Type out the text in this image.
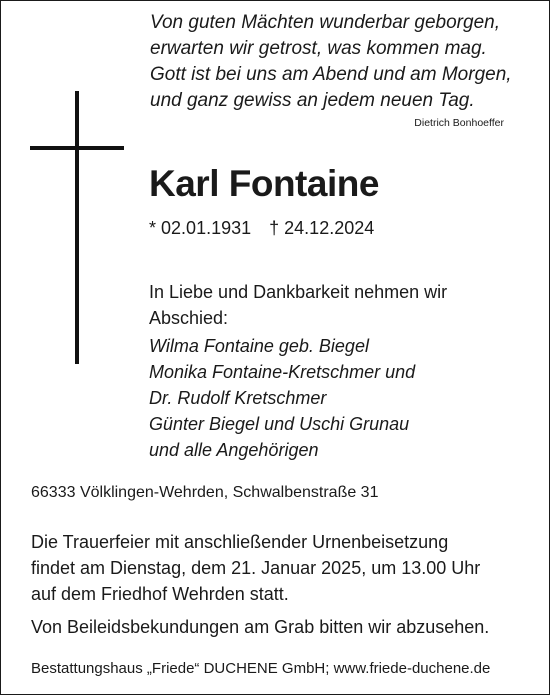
Von guten Mächten wunderbar geborgen,
erwarten wir getrost, was kommen mag.
Gott ist bei uns am Abend und am Morgen,
und ganz gewiss an jedem neuen Tag.
Dietrich Bonhoeffer
Karl Fontaine
* 02.01.1931 † 24.12.2024
In Liebe und Dankbarkeit nehmen wir
Abschied:
Wilma Fontaine geb. Biegel
Monika Fontaine-Kretschmer und
Dr. Rudolf Kretschmer
Günter Biegel und Uschi Grunau
und alle Angehörigen
66333 Völklingen-Wehrden, Schwalbenstraße 31
Die Trauerfeier mit anschließender Urnenbeisetzung
findet am Dienstag, dem 21. Januar 2025, um 13.00 Uhr
auf dem Friedhof Wehrden statt.
Von Beileidsbekundungen am Grab bitten wir abzusehen.
Bestattungshaus „Friede“ DUCHENE GmbH; www.friede-duchene.de
